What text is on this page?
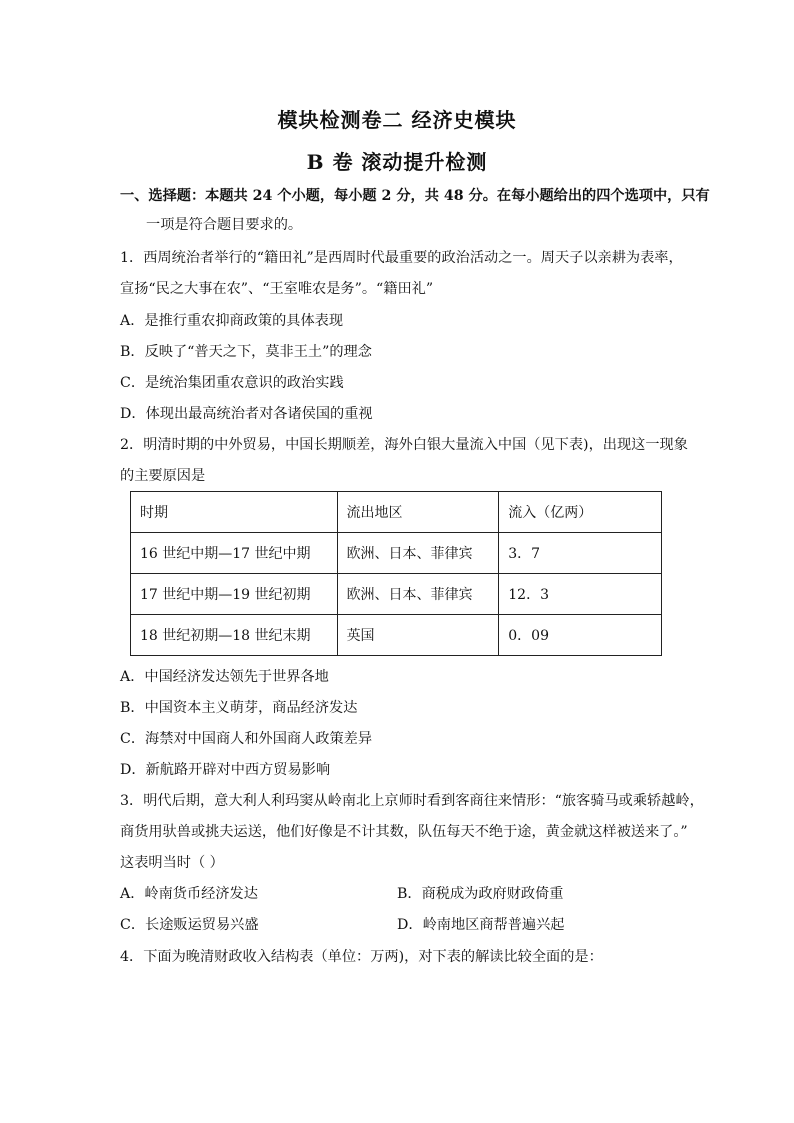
模块检测卷二 经济史模块
B 卷 滚动提升检测
一、选择题：本题共 24 个小题，每小题 2 分，共 48 分。在每小题给出的四个选项中，只有
一项是符合题目要求的。
1．西周统治者举行的“籍田礼”是西周时代最重要的政治活动之一。周天子以亲耕为表率，
宣扬“民之大事在农”、“王室唯农是务”。“籍田礼”
A．是推行重农抑商政策的具体表现
B．反映了“普天之下，莫非王土”的理念
C．是统治集团重农意识的政治实践
D．体现出最高统治者对各诸侯国的重视
2．明清时期的中外贸易，中国长期顺差，海外白银大量流入中国（见下表)，出现这一现象
的主要原因是
时期	流出地区	流入（亿两）
16 世纪中期—17 世纪中期	欧洲、日本、菲律宾	3．7
17 世纪中期—19 世纪初期	欧洲、日本、菲律宾	12．3
18 世纪初期—18 世纪末期	英国	0．09
A．中国经济发达领先于世界各地
B．中国资本主义萌芽，商品经济发达
C．海禁对中国商人和外国商人政策差异
D．新航路开辟对中西方贸易影响
3．明代后期，意大利人利玛窦从岭南北上京师时看到客商往来情形：“旅客骑马或乘轿越岭，
商货用驮兽或挑夫运送，他们好像是不计其数，队伍每天不绝于途，黄金就这样被送来了。”
这表明当时（ ）
A．岭南货币经济发达	B．商税成为政府财政倚重
C．长途贩运贸易兴盛	D．岭南地区商帮普遍兴起
4．下面为晚清财政收入结构表（单位：万两)，对下表的解读比较全面的是：
